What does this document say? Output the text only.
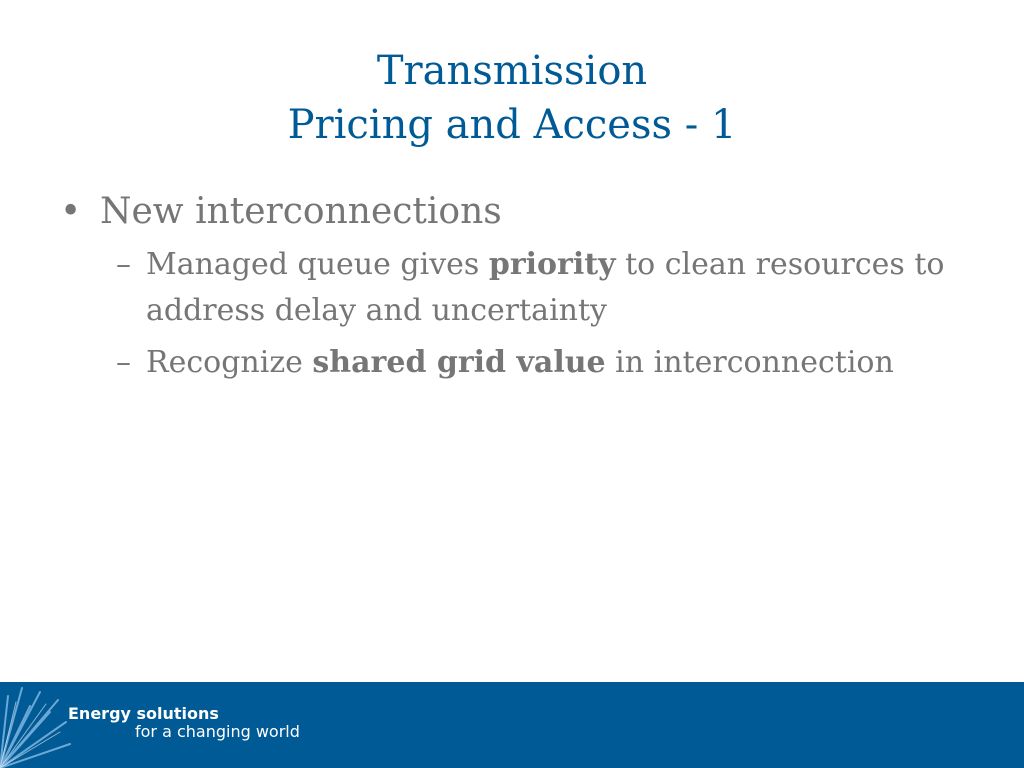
Transmission
Pricing and Access - 1
• New interconnections
– Managed queue gives priority to clean resources to address delay and uncertainty
– Recognize shared grid value in interconnection
Energy solutions
for a changing world
